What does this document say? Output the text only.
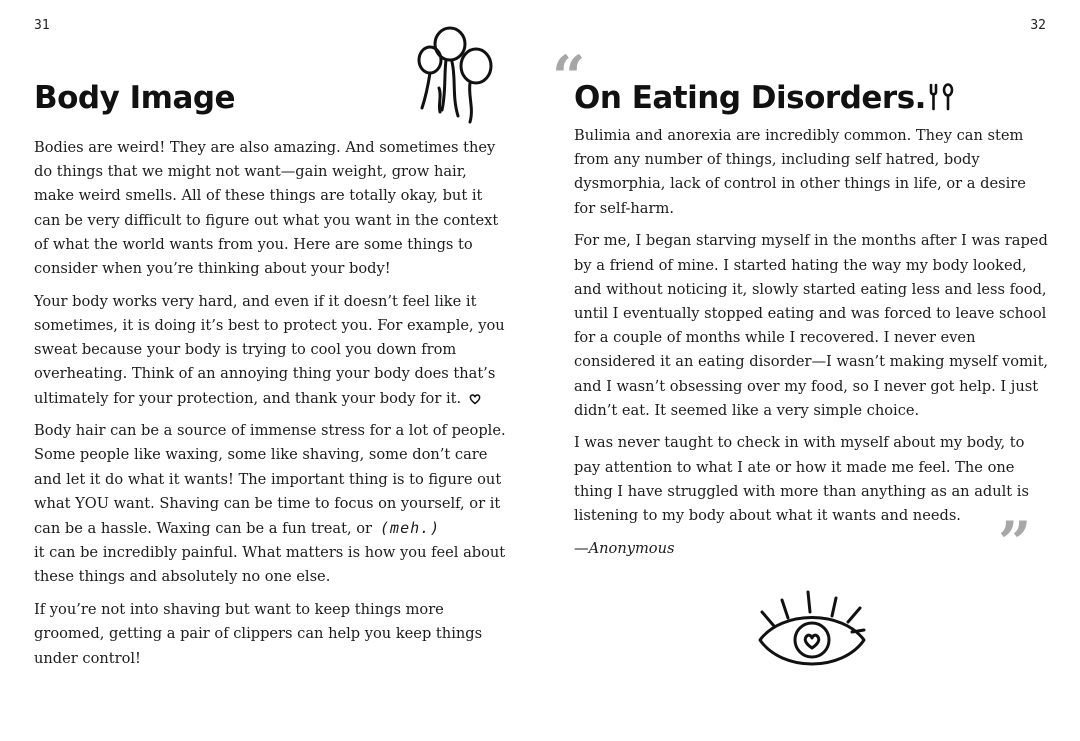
31
Body Image

Bodies are weird! They are also amazing. And sometimes they do things that we might not want—gain weight, grow hair, make weird smells. All of these things are totally okay, but it can be very difficult to figure out what you want in the context of what the world wants from you. Here are some things to consider when you’re thinking about your body!

Your body works very hard, and even if it doesn’t feel like it sometimes, it is doing it’s best to protect you. For example, you sweat because your body is trying to cool you down from overheating. Think of an annoying thing your body does that’s ultimately for your protection, and thank your body for it.

Body hair can be a source of immense stress for a lot of people. Some people like waxing, some like shaving, some don’t care and let it do what it wants! The important thing is to figure out what YOU want. Shaving can be time to focus on yourself, or it can be a hassle. Waxing can be a fun treat, or (meh.)
it can be incredibly painful. What matters is how you feel about these things and absolutely no one else.

If you’re not into shaving but want to keep things more groomed, getting a pair of clippers can help you keep things under control!

32
“
On Eating Disorders.

Bulimia and anorexia are incredibly common. They can stem from any number of things, including self hatred, body dysmorphia, lack of control in other things in life, or a desire for self-harm.

For me, I began starving myself in the months after I was raped by a friend of mine. I started hating the way my body looked, and without noticing it, slowly started eating less and less food, until I eventually stopped eating and was forced to leave school for a couple of months while I recovered. I never even considered it an eating disorder—I wasn’t making myself vomit, and I wasn’t obsessing over my food, so I never got help. I just didn’t eat. It seemed like a very simple choice.

I was never taught to check in with myself about my body, to pay attention to what I ate or how it made me feel. The one thing I have struggled with more than anything as an adult is listening to my body about what it wants and needs.

—Anonymous	”
